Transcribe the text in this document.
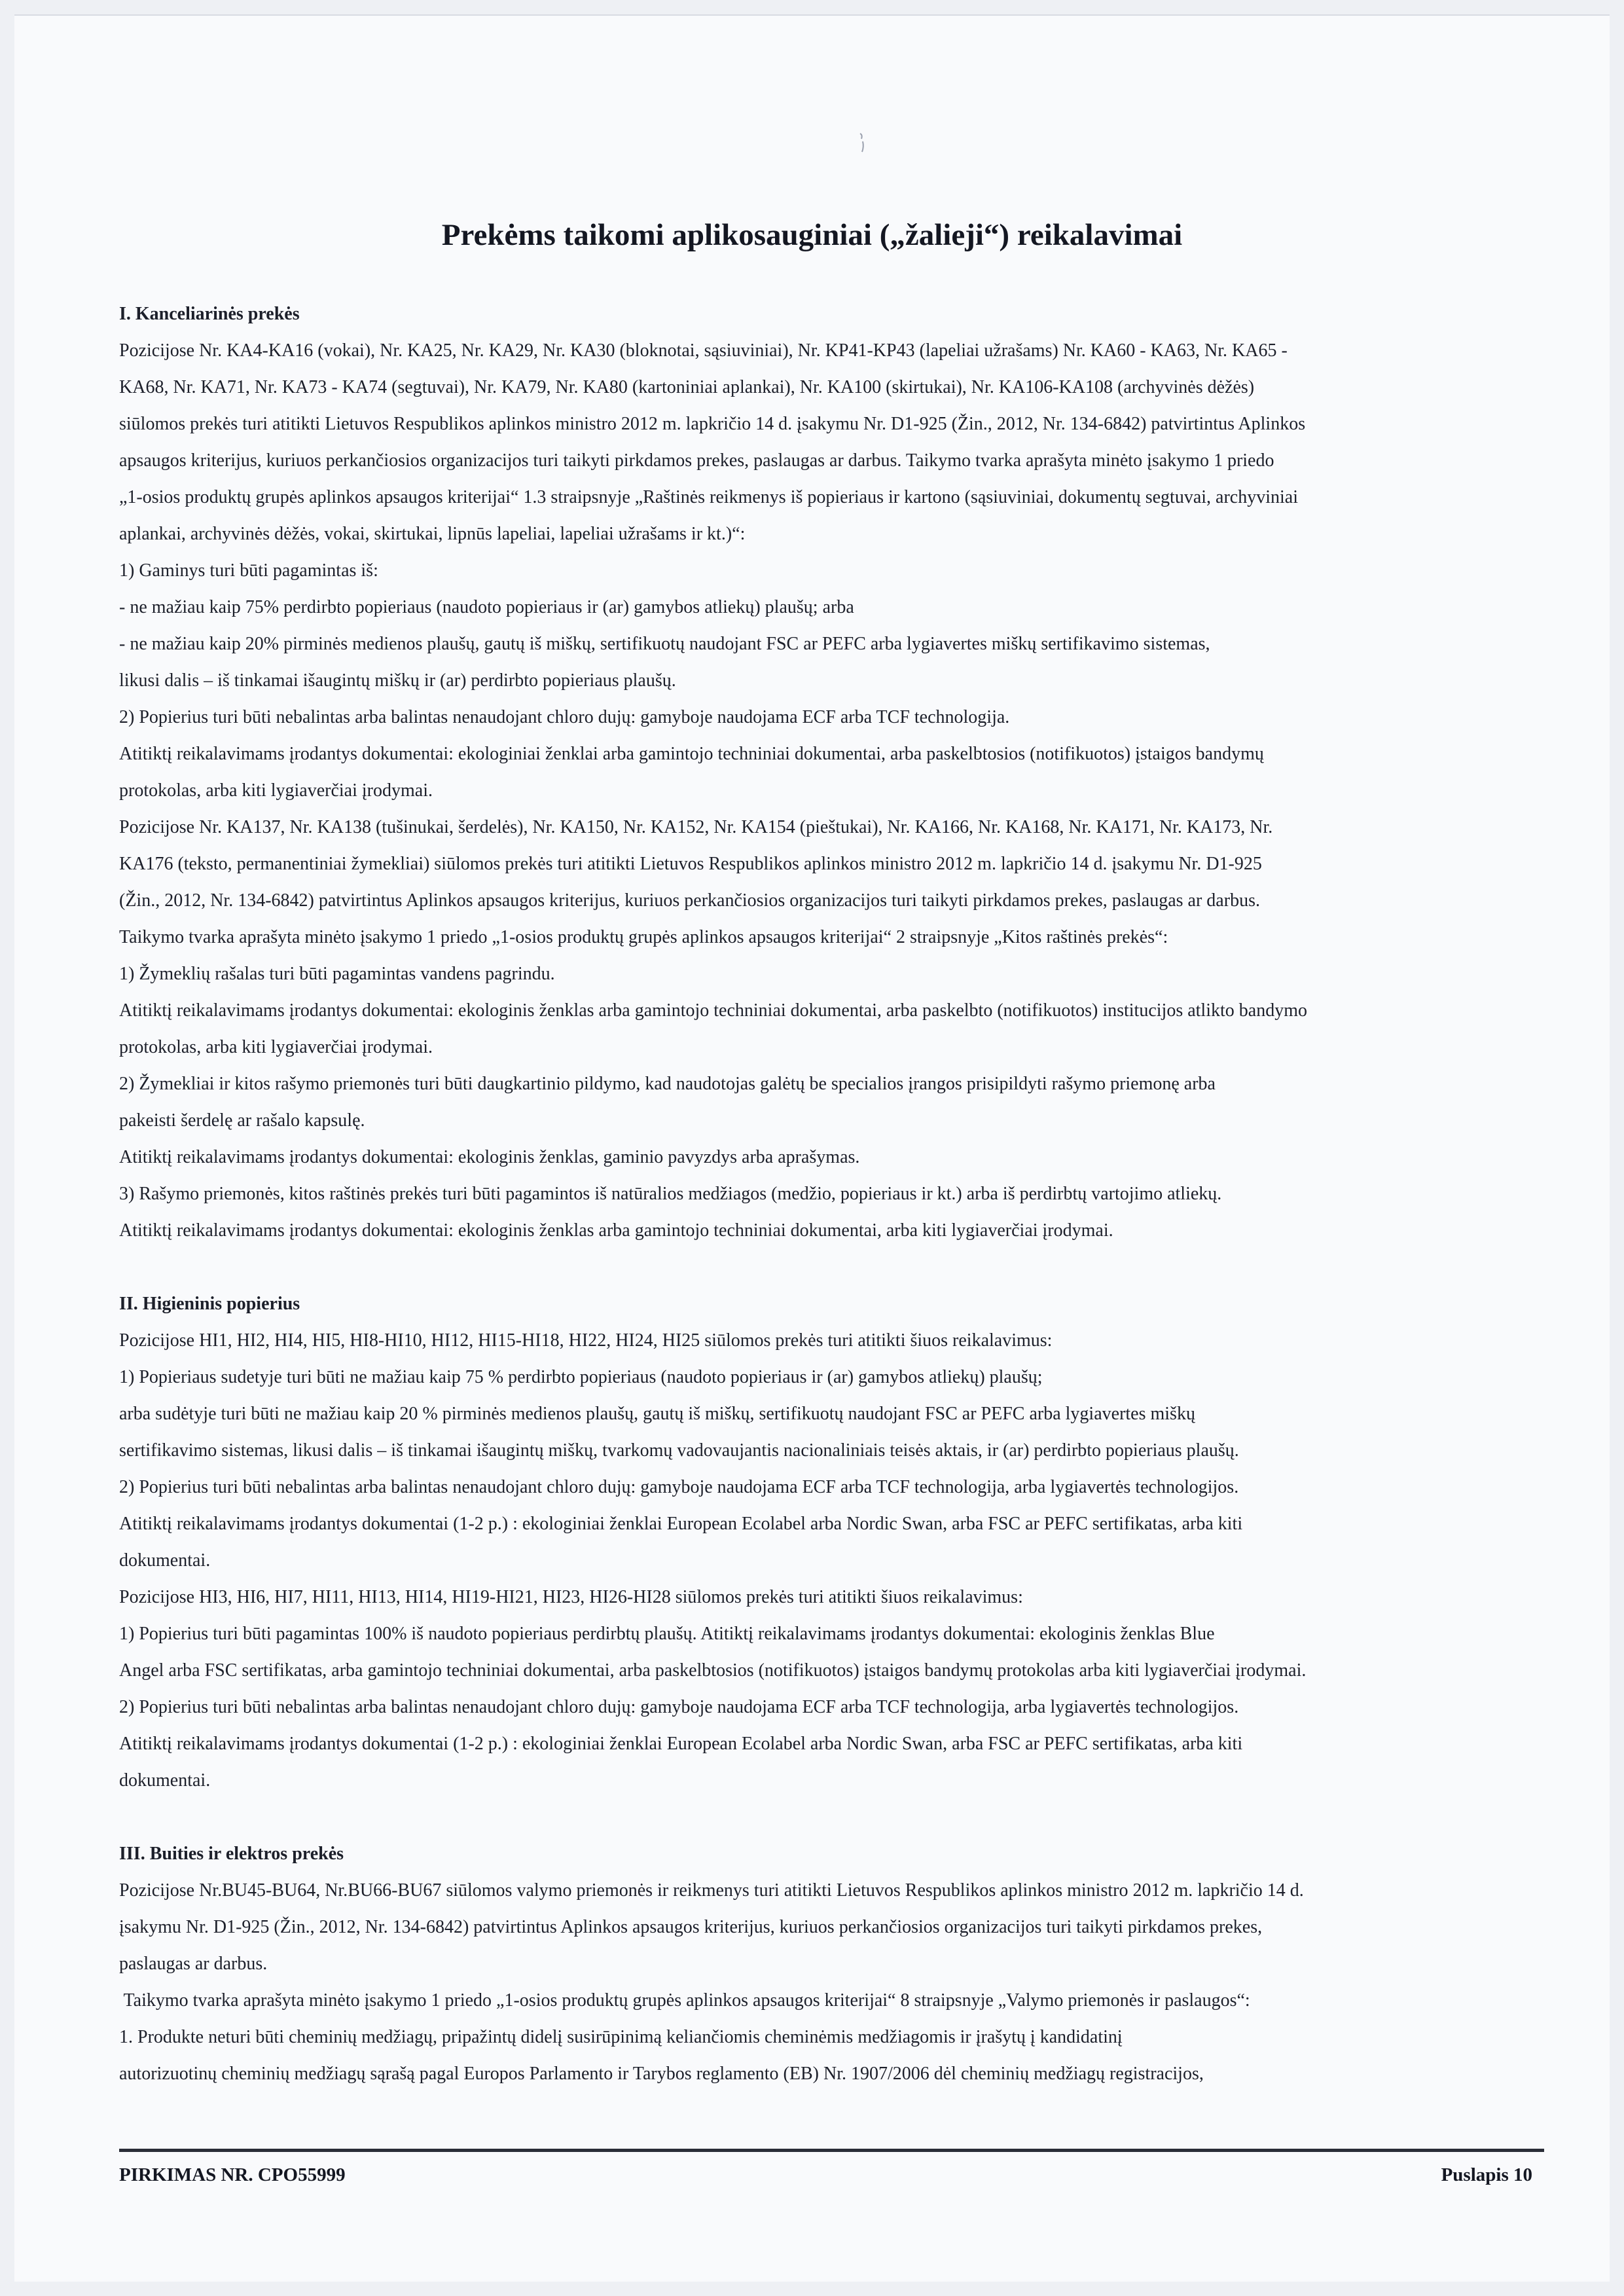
Prekėms taikomi aplikosauginiai („žalieji“) reikalavimai
I. Kanceliarinės prekės

Pozicijose Nr. KA4-KA16 (vokai), Nr. KA25, Nr. KA29, Nr. KA30 (bloknotai, sąsiuviniai), Nr. KP41-KP43 (lapeliai užrašams) Nr. KA60 - KA63, Nr. KA65 -

KA68, Nr. KA71, Nr. KA73 - KA74 (segtuvai), Nr. KA79, Nr. KA80 (kartoniniai aplankai), Nr. KA100 (skirtukai), Nr. KA106-KA108 (archyvinės dėžės)

siūlomos prekės turi atitikti Lietuvos Respublikos aplinkos ministro 2012 m. lapkričio 14 d. įsakymu Nr. D1-925 (Žin., 2012, Nr. 134-6842) patvirtintus Aplinkos

apsaugos kriterijus, kuriuos perkančiosios organizacijos turi taikyti pirkdamos prekes, paslaugas ar darbus. Taikymo tvarka aprašyta minėto įsakymo 1 priedo

„1-osios produktų grupės aplinkos apsaugos kriterijai“ 1.3 straipsnyje „Raštinės reikmenys iš popieriaus ir kartono (sąsiuviniai, dokumentų segtuvai, archyviniai

aplankai, archyvinės dėžės, vokai, skirtukai, lipnūs lapeliai, lapeliai užrašams ir kt.)“:

1) Gaminys turi būti pagamintas iš:

- ne mažiau kaip 75% perdirbto popieriaus (naudoto popieriaus ir (ar) gamybos atliekų) plaušų; arba

- ne mažiau kaip 20% pirminės medienos plaušų, gautų iš miškų, sertifikuotų naudojant FSC ar PEFC arba lygiavertes miškų sertifikavimo sistemas,

likusi dalis – iš tinkamai išaugintų miškų ir (ar) perdirbto popieriaus plaušų.

2) Popierius turi būti nebalintas arba balintas nenaudojant chloro dujų: gamyboje naudojama ECF arba TCF technologija.

Atitiktį reikalavimams įrodantys dokumentai: ekologiniai ženklai arba gamintojo techniniai dokumentai, arba paskelbtosios (notifikuotos) įstaigos bandymų

protokolas, arba kiti lygiaverčiai įrodymai.

Pozicijose Nr. KA137, Nr. KA138 (tušinukai, šerdelės), Nr. KA150, Nr. KA152, Nr. KA154 (pieštukai), Nr. KA166, Nr. KA168, Nr. KA171, Nr. KA173, Nr.

KA176 (teksto, permanentiniai žymekliai) siūlomos prekės turi atitikti Lietuvos Respublikos aplinkos ministro 2012 m. lapkričio 14 d. įsakymu Nr. D1-925

(Žin., 2012, Nr. 134-6842) patvirtintus Aplinkos apsaugos kriterijus, kuriuos perkančiosios organizacijos turi taikyti pirkdamos prekes, paslaugas ar darbus.

Taikymo tvarka aprašyta minėto įsakymo 1 priedo „1-osios produktų grupės aplinkos apsaugos kriterijai“ 2 straipsnyje „Kitos raštinės prekės“:

1) Žymeklių rašalas turi būti pagamintas vandens pagrindu.

Atitiktį reikalavimams įrodantys dokumentai: ekologinis ženklas arba gamintojo techniniai dokumentai, arba paskelbto (notifikuotos) institucijos atlikto bandymo

protokolas, arba kiti lygiaverčiai įrodymai.

2) Žymekliai ir kitos rašymo priemonės turi būti daugkartinio pildymo, kad naudotojas galėtų be specialios įrangos prisipildyti rašymo priemonę arba

pakeisti šerdelę ar rašalo kapsulę.

Atitiktį reikalavimams įrodantys dokumentai: ekologinis ženklas, gaminio pavyzdys arba aprašymas.

3) Rašymo priemonės, kitos raštinės prekės turi būti pagamintos iš natūralios medžiagos (medžio, popieriaus ir kt.) arba iš perdirbtų vartojimo atliekų.

Atitiktį reikalavimams įrodantys dokumentai: ekologinis ženklas arba gamintojo techniniai dokumentai, arba kiti lygiaverčiai įrodymai.

II. Higieninis popierius

Pozicijose HI1, HI2, HI4, HI5, HI8-HI10, HI12, HI15-HI18, HI22, HI24, HI25 siūlomos prekės turi atitikti šiuos reikalavimus:

1) Popieriaus sudetyje turi būti ne mažiau kaip 75 % perdirbto popieriaus (naudoto popieriaus ir (ar) gamybos atliekų) plaušų;

arba sudėtyje turi būti ne mažiau kaip 20 % pirminės medienos plaušų, gautų iš miškų, sertifikuotų naudojant FSC ar PEFC arba lygiavertes miškų

sertifikavimo sistemas, likusi dalis – iš tinkamai išaugintų miškų, tvarkomų vadovaujantis nacionaliniais teisės aktais, ir (ar) perdirbto popieriaus plaušų.

2) Popierius turi būti nebalintas arba balintas nenaudojant chloro dujų: gamyboje naudojama ECF arba TCF technologija, arba lygiavertės technologijos.

Atitiktį reikalavimams įrodantys dokumentai (1-2 p.) : ekologiniai ženklai European Ecolabel arba Nordic Swan, arba FSC ar PEFC sertifikatas, arba kiti

dokumentai.

Pozicijose HI3, HI6, HI7, HI11, HI13, HI14, HI19-HI21, HI23, HI26-HI28 siūlomos prekės turi atitikti šiuos reikalavimus:

1) Popierius turi būti pagamintas 100% iš naudoto popieriaus perdirbtų plaušų. Atitiktį reikalavimams įrodantys dokumentai: ekologinis ženklas Blue

Angel arba FSC sertifikatas, arba gamintojo techniniai dokumentai, arba paskelbtosios (notifikuotos) įstaigos bandymų protokolas arba kiti lygiaverčiai įrodymai.

2) Popierius turi būti nebalintas arba balintas nenaudojant chloro dujų: gamyboje naudojama ECF arba TCF technologija, arba lygiavertės technologijos.

Atitiktį reikalavimams įrodantys dokumentai (1-2 p.) : ekologiniai ženklai European Ecolabel arba Nordic Swan, arba FSC ar PEFC sertifikatas, arba kiti

dokumentai.

III. Buities ir elektros prekės

Pozicijose Nr.BU45-BU64, Nr.BU66-BU67 siūlomos valymo priemonės ir reikmenys turi atitikti Lietuvos Respublikos aplinkos ministro 2012 m. lapkričio 14 d.

įsakymu Nr. D1-925 (Žin., 2012, Nr. 134-6842) patvirtintus Aplinkos apsaugos kriterijus, kuriuos perkančiosios organizacijos turi taikyti pirkdamos prekes,

paslaugas ar darbus.

Taikymo tvarka aprašyta minėto įsakymo 1 priedo „1-osios produktų grupės aplinkos apsaugos kriterijai“ 8 straipsnyje „Valymo priemonės ir paslaugos“:

1. Produkte neturi būti cheminių medžiagų, pripažintų didelį susirūpinimą keliančiomis cheminėmis medžiagomis ir įrašytų į kandidatinį

autorizuotinų cheminių medžiagų sąrašą pagal Europos Parlamento ir Tarybos reglamento (EB) Nr. 1907/2006 dėl cheminių medžiagų registracijos,

PIRKIMAS NR. CPO55999	Puslapis 10
